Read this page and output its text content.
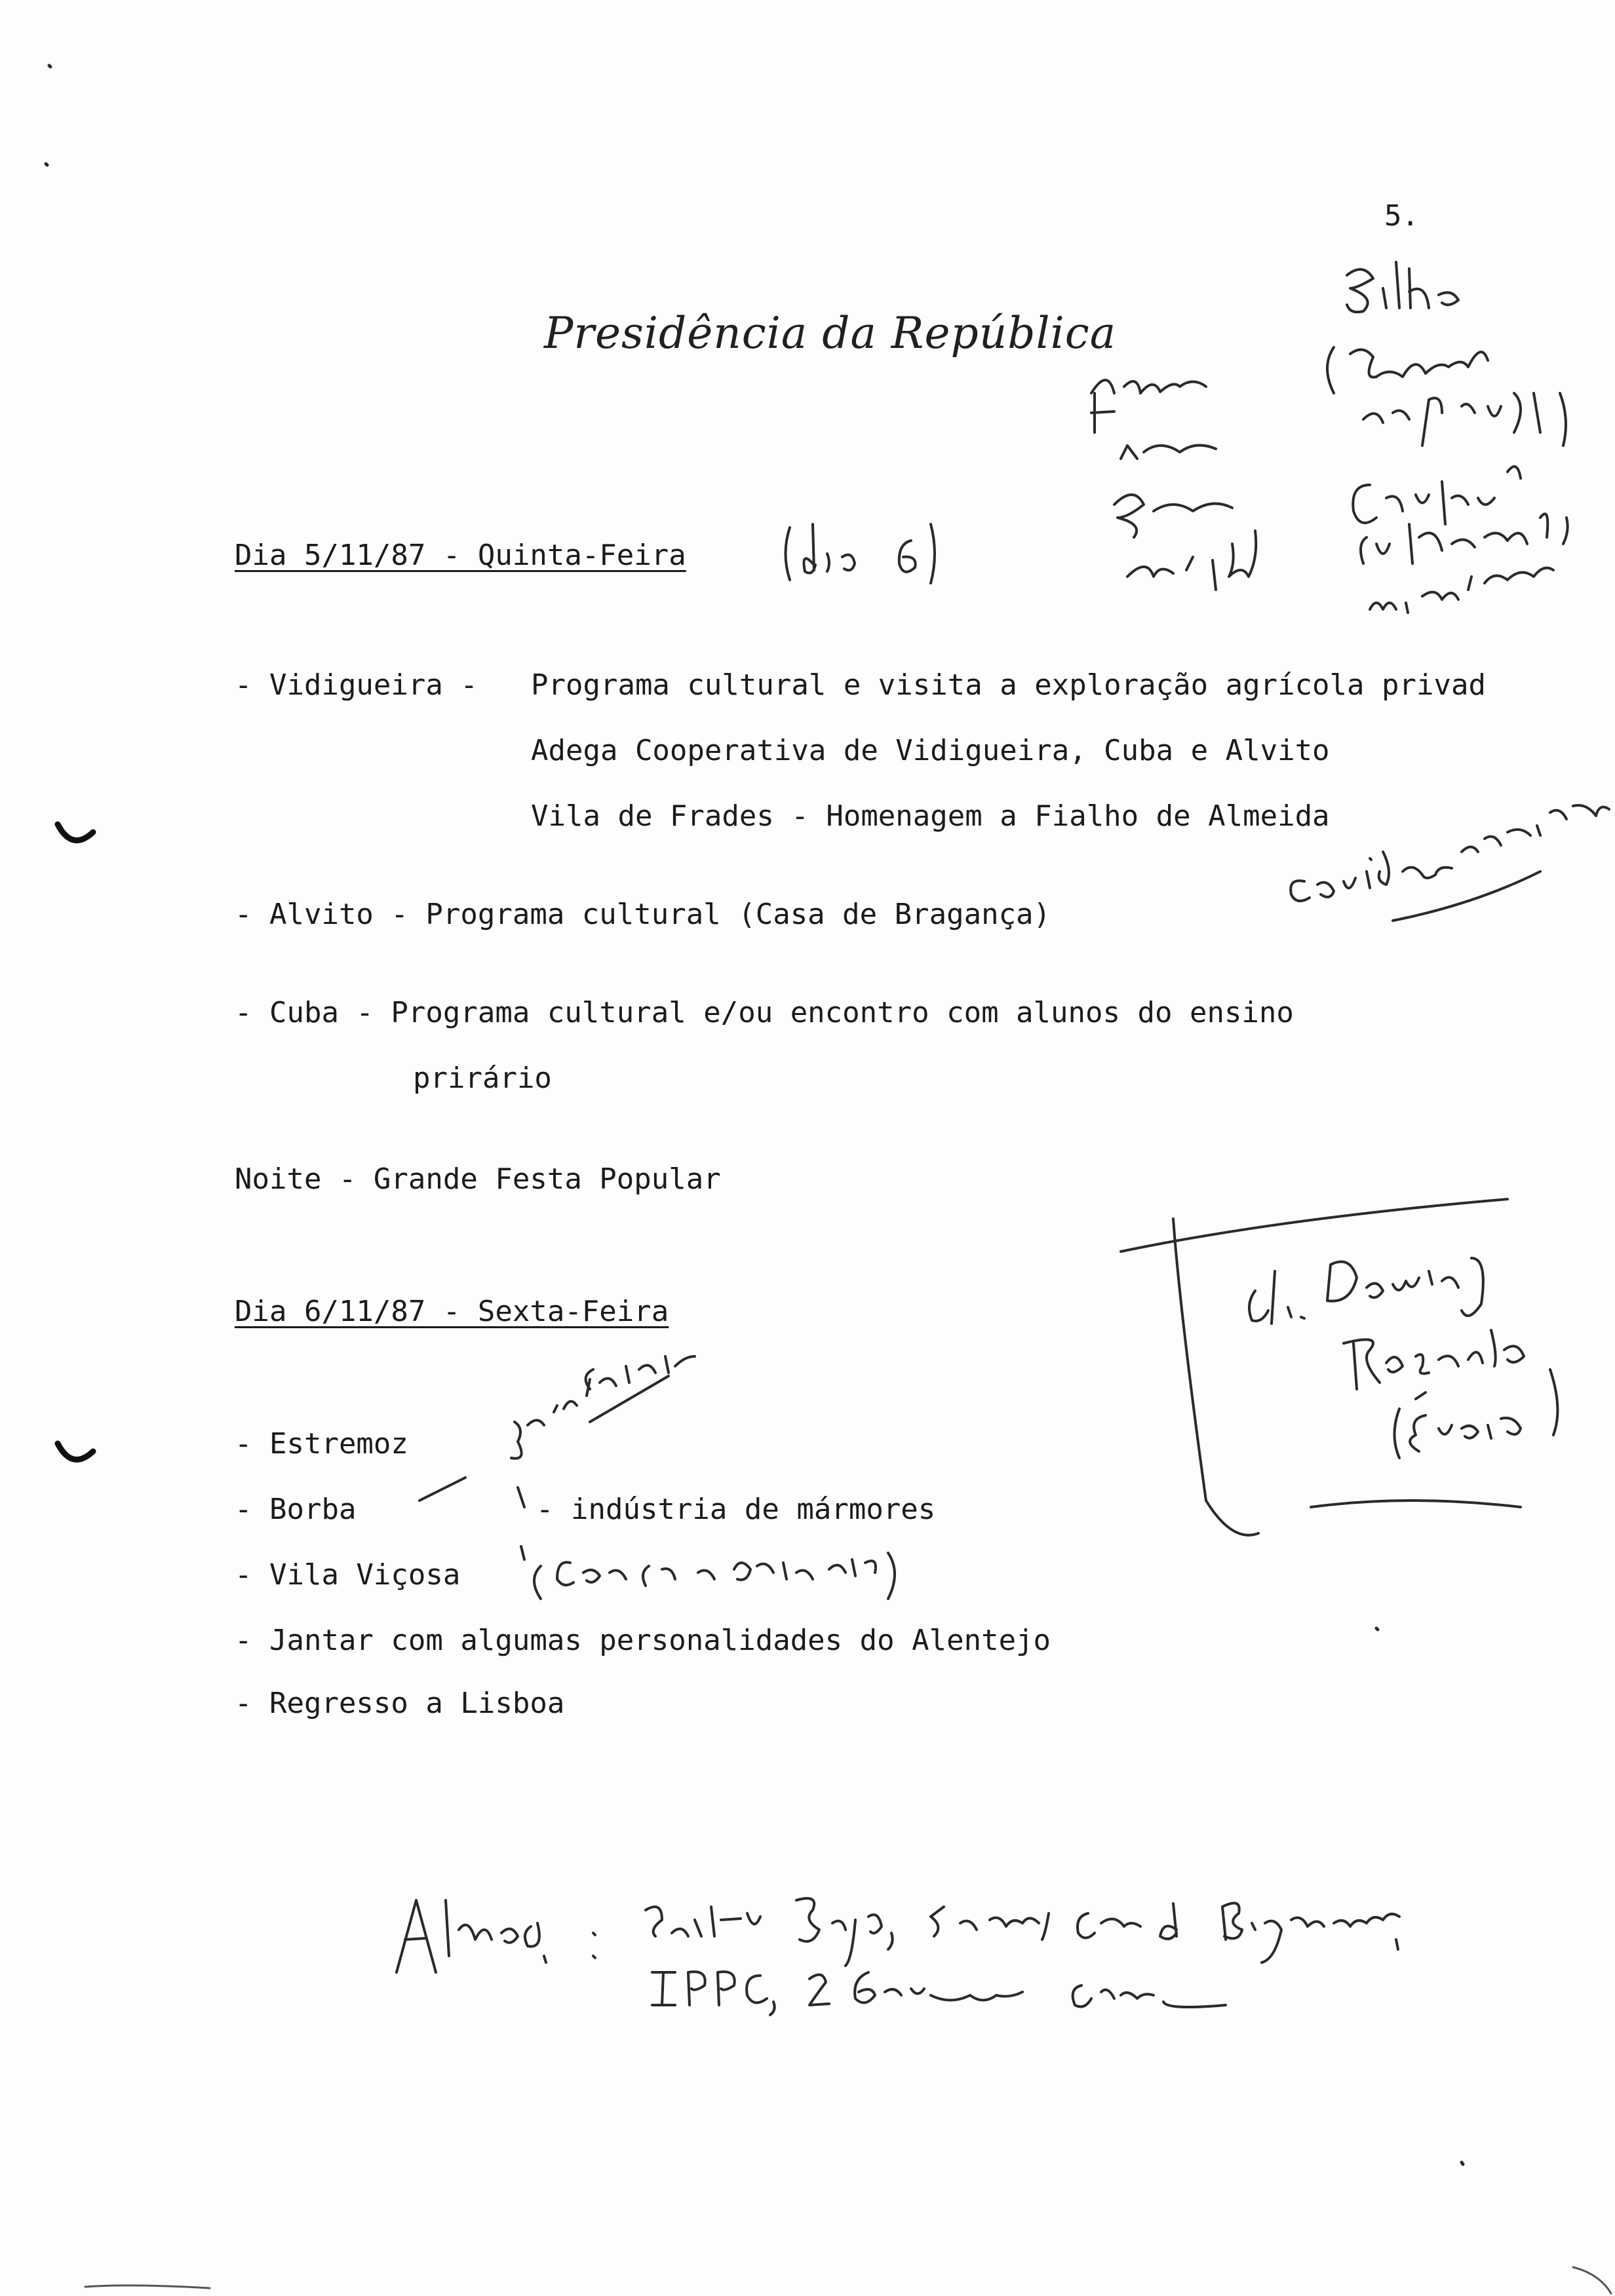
5.

Presidência da República

Dia 5/11/87 - Quinta-Feira

- Vidigueira - Programa cultural e visita a exploração agrícola privad

Adega Cooperativa de Vidigueira, Cuba e Alvito

Vila de Frades - Homenagem a Fialho de Almeida

- Alvito - Programa cultural (Casa de Bragança)

- Cuba - Programa cultural e/ou encontro com alunos do ensino

prirário

Noite - Grande Festa Popular

Dia 6/11/87 - Sexta-Feira

- Estremoz

- Borba	- indústria de mármores

- Vila Viçosa

- Jantar com algumas personalidades do Alentejo

- Regresso a Lisboa
